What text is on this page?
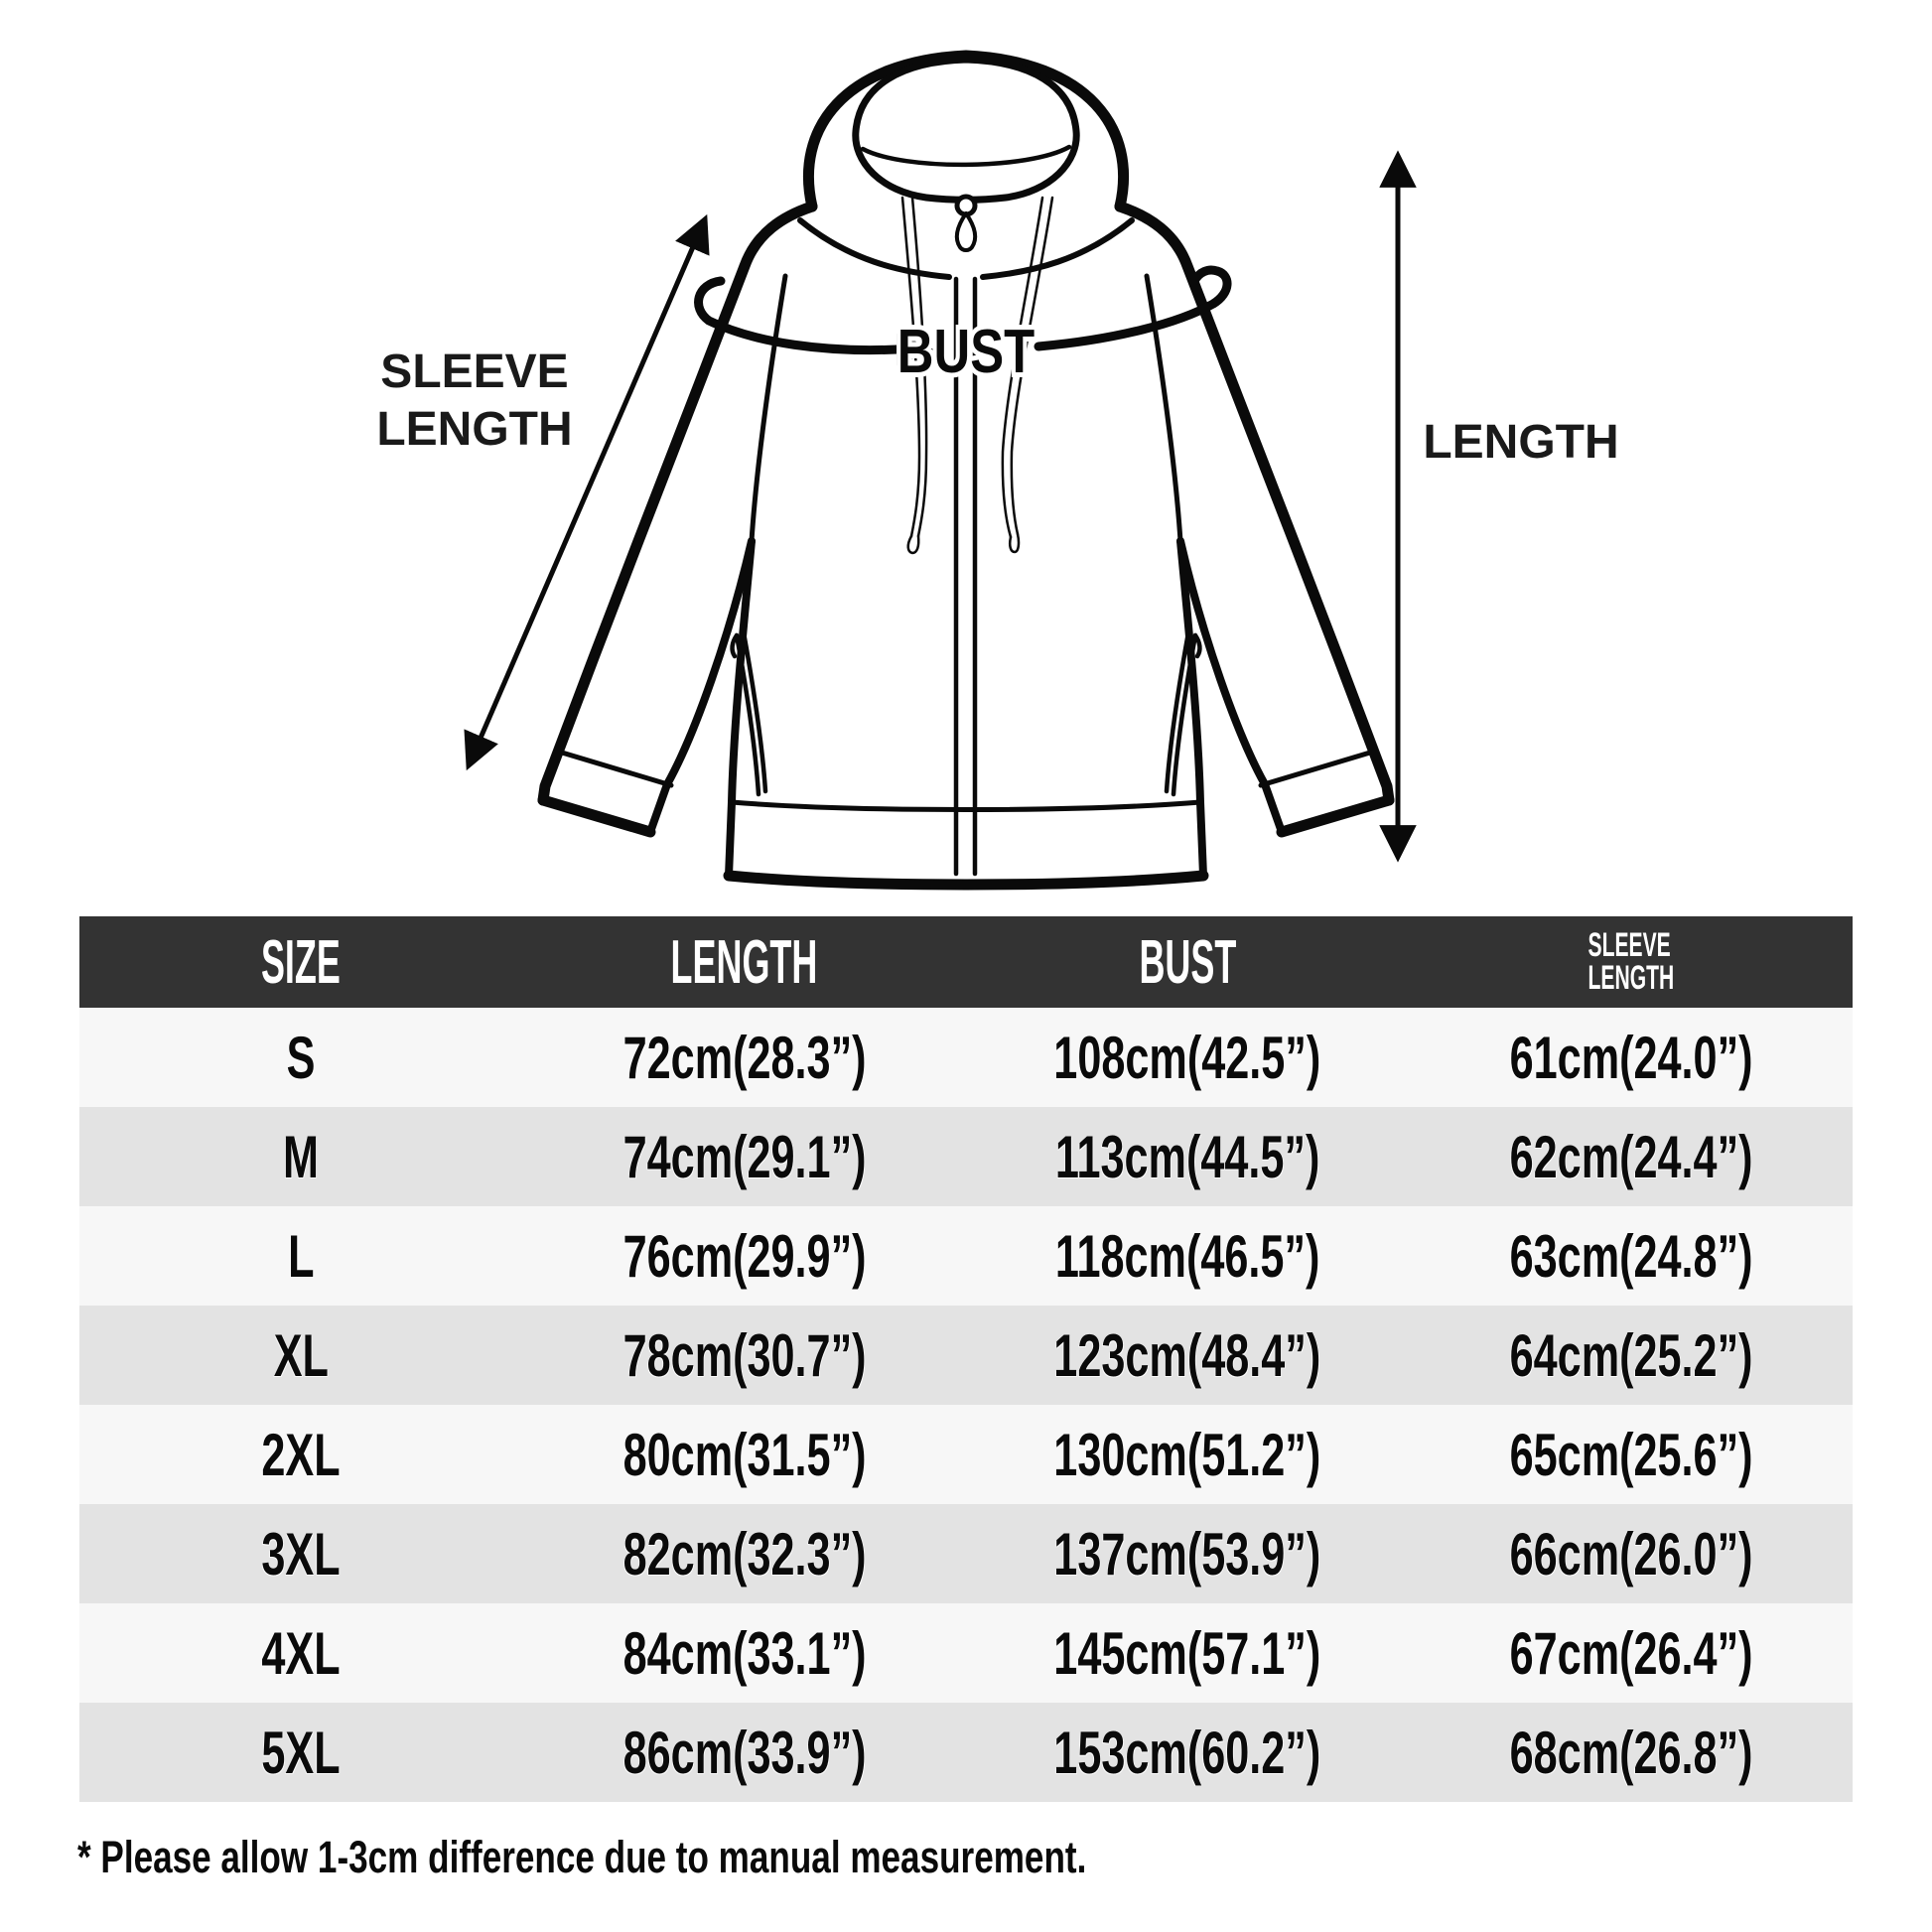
SLEEVE
LENGTH	LENGTH
BUST
SIZE	LENGTH	BUST	SLEEVE
LENGTH
S	72cm(28.3”)	108cm(42.5”)	61cm(24.0”)
M	74cm(29.1”)	113cm(44.5”)	62cm(24.4”)
L	76cm(29.9”)	118cm(46.5”)	63cm(24.8”)
XL	78cm(30.7”)	123cm(48.4”)	64cm(25.2”)
2XL	80cm(31.5”)	130cm(51.2”)	65cm(25.6”)
3XL	82cm(32.3”)	137cm(53.9”)	66cm(26.0”)
4XL	84cm(33.1”)	145cm(57.1”)	67cm(26.4”)
5XL	86cm(33.9”)	153cm(60.2”)	68cm(26.8”)
* Please allow 1-3cm difference due to manual measurement.
